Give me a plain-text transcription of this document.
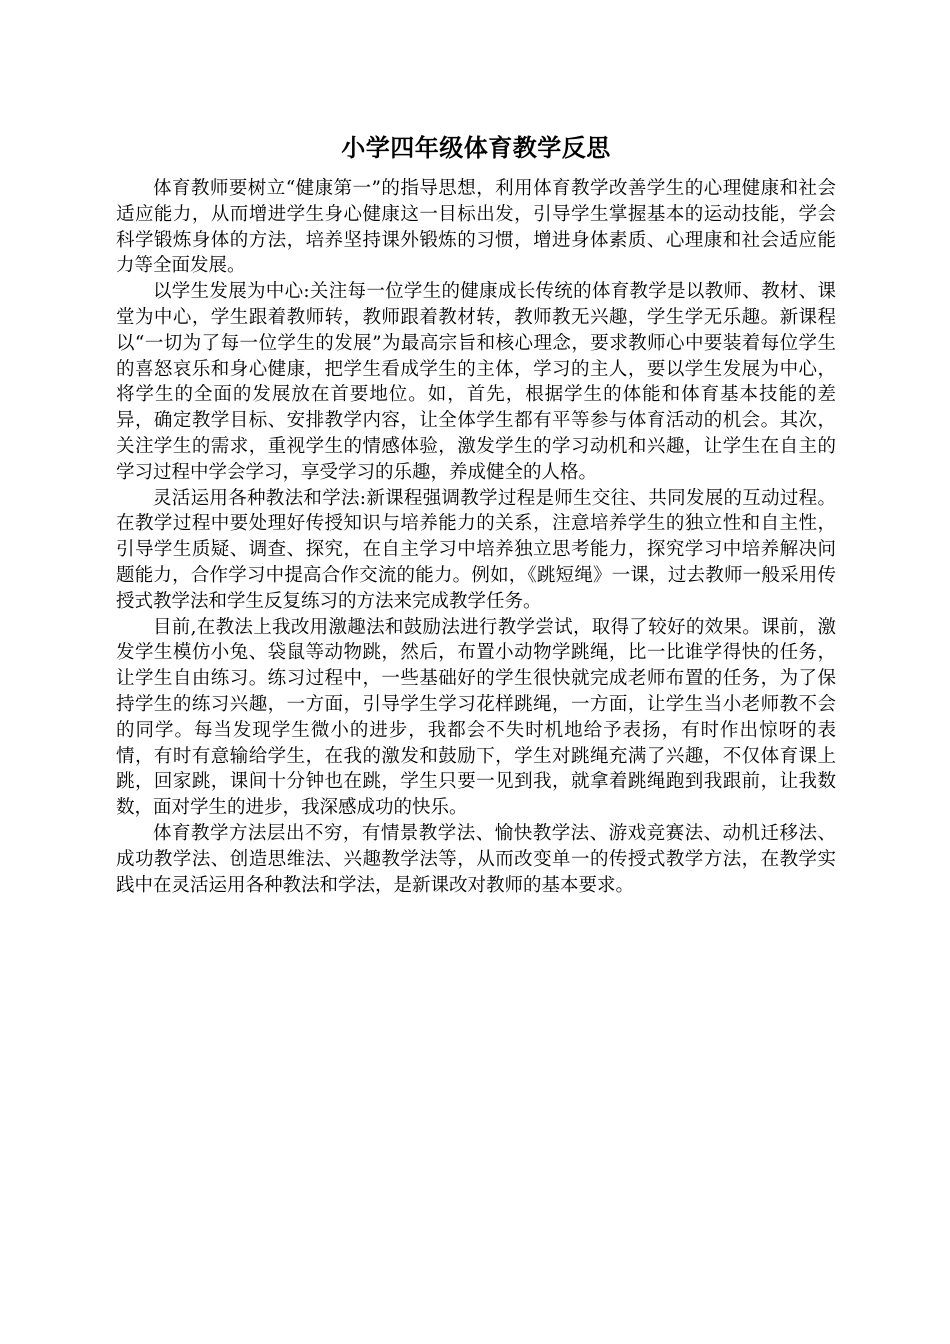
小学四年级体育教学反思

体育教师要树立“健康第一”的指导思想，利用体育教学改善学生的心理健康和社会适应能力，从而增进学生身心健康这一目标出发，引导学生掌握基本的运动技能，学会科学锻炼身体的方法，培养坚持课外锻炼的习惯，增进身体素质、心理康和社会适应能力等全面发展。

以学生发展为中心:关注每一位学生的健康成长传统的体育教学是以教师、教材、课堂为中心，学生跟着教师转，教师跟着教材转，教师教无兴趣，学生学无乐趣。新课程以“一切为了每一位学生的发展”为最高宗旨和核心理念，要求教师心中要装着每位学生的喜怒哀乐和身心健康，把学生看成学生的主体，学习的主人，要以学生发展为中心，将学生的全面的发展放在首要地位。如，首先，根据学生的体能和体育基本技能的差异，确定教学目标、安排教学内容，让全体学生都有平等参与体育活动的机会。其次，关注学生的需求，重视学生的情感体验，激发学生的学习动机和兴趣，让学生在自主的学习过程中学会学习，享受学习的乐趣，养成健全的人格。

灵活运用各种教法和学法:新课程强调教学过程是师生交往、共同发展的互动过程。在教学过程中要处理好传授知识与培养能力的关系，注意培养学生的独立性和自主性，引导学生质疑、调查、探究，在自主学习中培养独立思考能力，探究学习中培养解决问题能力，合作学习中提高合作交流的能力。例如，《跳短绳》一课，过去教师一般采用传授式教学法和学生反复练习的方法来完成教学任务。

目前,在教法上我改用激趣法和鼓励法进行教学尝试，取得了较好的效果。课前，激发学生模仿小兔、袋鼠等动物跳，然后，布置小动物学跳绳，比一比谁学得快的任务，让学生自由练习。练习过程中，一些基础好的学生很快就完成老师布置的任务，为了保持学生的练习兴趣，一方面，引导学生学习花样跳绳，一方面，让学生当小老师教不会的同学。每当发现学生微小的进步，我都会不失时机地给予表扬，有时作出惊呀的表情，有时有意输给学生，在我的激发和鼓励下，学生对跳绳充满了兴趣，不仅体育课上跳，回家跳，课间十分钟也在跳，学生只要一见到我，就拿着跳绳跑到我跟前，让我数数，面对学生的进步，我深感成功的快乐。

体育教学方法层出不穷，有情景教学法、愉快教学法、游戏竞赛法、动机迁移法、成功教学法、创造思维法、兴趣教学法等，从而改变单一的传授式教学方法，在教学实践中在灵活运用各种教法和学法，是新课改对教师的基本要求。
